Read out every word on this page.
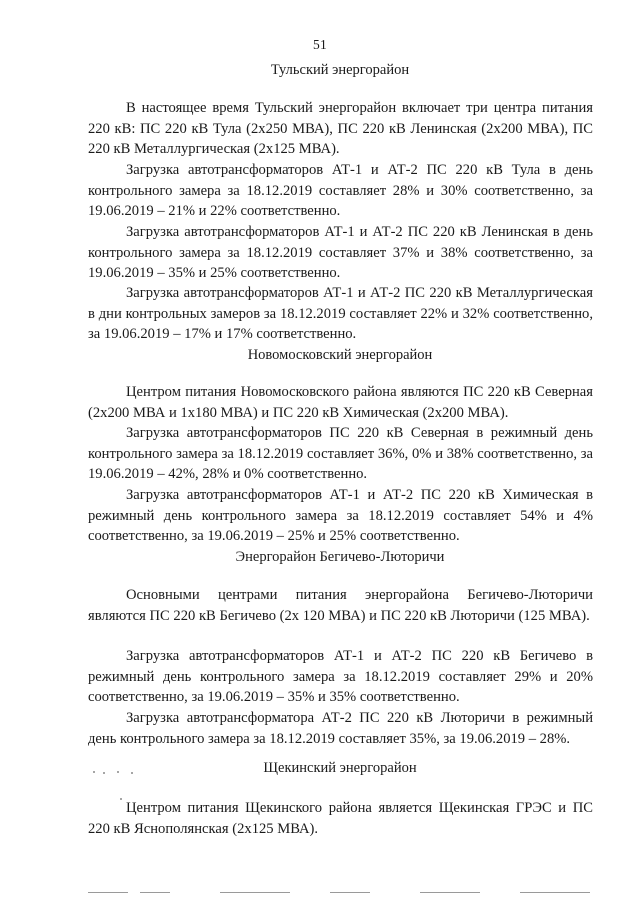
51
Тульский энергорайон

В настоящее время Тульский энергорайон включает три центра питания 220 кВ: ПС 220 кВ Тула (2х250 МВА), ПС 220 кВ Ленинская (2х200 МВА), ПС 220 кВ Металлургическая (2х125 МВА).

Загрузка автотрансформаторов АТ-1 и АТ-2 ПС 220 кВ Тула в день контрольного замера за 18.12.2019 составляет 28% и 30% соответственно, за 19.06.2019 – 21% и 22% соответственно.

Загрузка автотрансформаторов АТ-1 и АТ-2 ПС 220 кВ Ленинская в день контрольного замера за 18.12.2019 составляет 37% и 38% соответственно, за 19.06.2019 – 35% и 25% соответственно.

Загрузка автотрансформаторов АТ-1 и АТ-2 ПС 220 кВ Металлургическая в дни контрольных замеров за 18.12.2019 составляет 22% и 32% соответственно, за 19.06.2019 – 17% и 17% соответственно.

Новомосковский энергорайон

Центром питания Новомосковского района являются ПС 220 кВ Северная (2х200 МВА и 1х180 МВА) и ПС 220 кВ Химическая (2х200 МВА).

Загрузка автотрансформаторов ПС 220 кВ Северная в режимный день контрольного замера за 18.12.2019 составляет 36%, 0% и 38% соответственно, за 19.06.2019 – 42%, 28% и 0% соответственно.

Загрузка автотрансформаторов АТ-1 и АТ-2 ПС 220 кВ Химическая в режимный день контрольного замера за 18.12.2019 составляет 54% и 4% соответственно, за 19.06.2019 – 25% и 25% соответственно.

Энергорайон Бегичево-Люторичи

Основными центрами питания энергорайона Бегичево-Люторичи являются ПС 220 кВ Бегичево (2х 120 МВА) и ПС 220 кВ Люторичи (125 МВА).

Загрузка автотрансформаторов АТ-1 и АТ-2 ПС 220 кВ Бегичево в режимный день контрольного замера за 18.12.2019 составляет 29% и 20% соответственно, за 19.06.2019 – 35% и 35% соответственно.

Загрузка автотрансформатора АТ-2 ПС 220 кВ Люторичи в режимный день контрольного замера за 18.12.2019 составляет 35%, за 19.06.2019 – 28%.

Щекинский энергорайон

Центром питания Щекинского района является Щекинская ГРЭС и ПС 220 кВ Яснополянская (2х125 МВА).
